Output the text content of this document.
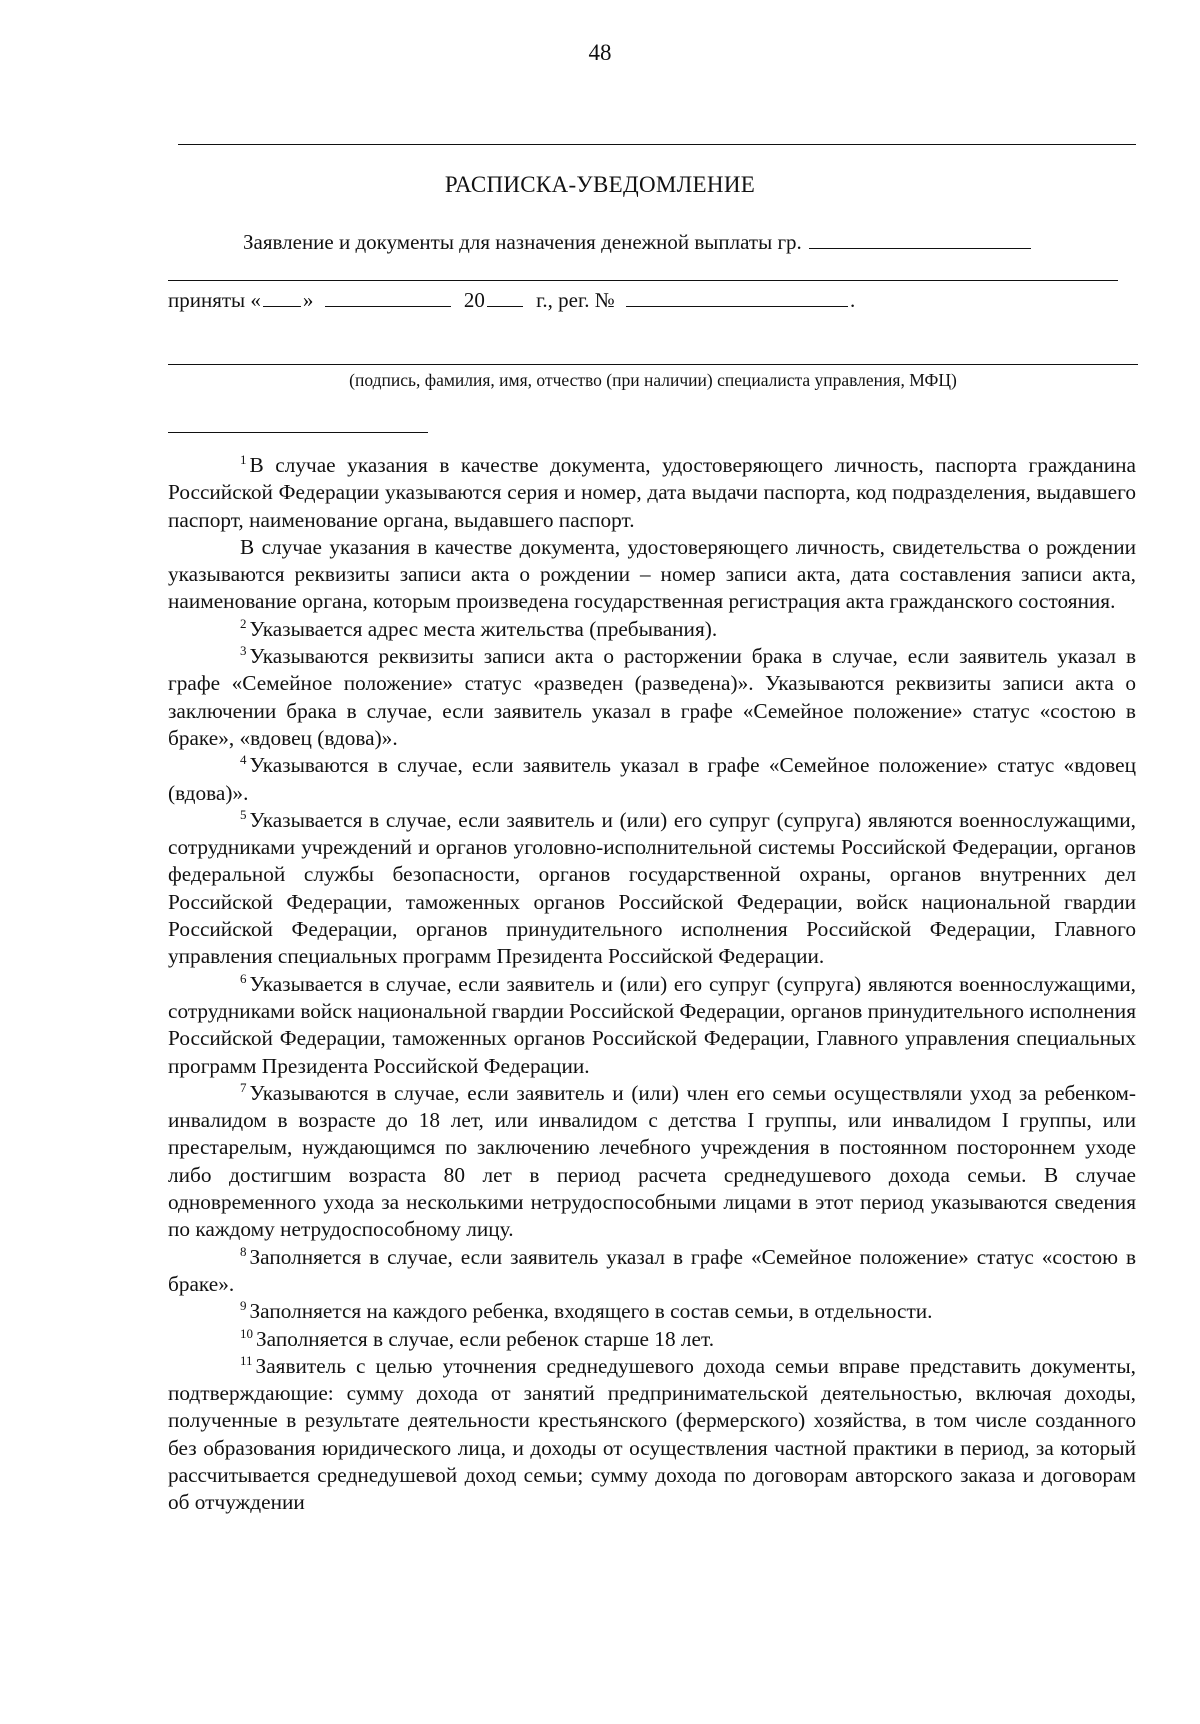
48
РАСПИСКА-УВЕДОМЛЕНИЕ
Заявление и документы для назначения денежной выплаты гр.
приняты « »	20 г., рег. №	.
(подпись, фамилия, имя, отчество (при наличии) специалиста управления, МФЦ)

$^1$ В случае указания в качестве документа, удостоверяющего личность, паспорта гражданина Российской Федерации указываются серия и номер, дата выдачи паспорта, код подразделения, выдавшего паспорт, наименование органа, выдавшего паспорт.

В случае указания в качестве документа, удостоверяющего личность, свидетельства о рождении указываются реквизиты записи акта о рождении – номер записи акта, дата составления записи акта, наименование органа, которым произведена государственная регистрация акта гражданского состояния.

$^2$ Указывается адрес места жительства (пребывания).

$^3$ Указываются реквизиты записи акта о расторжении брака в случае, если заявитель указал в графе «Семейное положение» статус «разведен (разведена)». Указываются реквизиты записи акта о заключении брака в случае, если заявитель указал в графе «Семейное положение» статус «состою в браке», «вдовец (вдова)».

$^4$ Указываются в случае, если заявитель указал в графе «Семейное положение» статус «вдовец (вдова)».

$^5$ Указывается в случае, если заявитель и (или) его супруг (супруга) являются военнослужащими, сотрудниками учреждений и органов уголовно-исполнительной системы Российской Федерации, органов федеральной службы безопасности, органов государственной охраны, органов внутренних дел Российской Федерации, таможенных органов Российской Федерации, войск национальной гвардии Российской Федерации, органов принудительного исполнения Российской Федерации, Главного управления специальных программ Президента Российской Федерации.

$^6$ Указывается в случае, если заявитель и (или) его супруг (супруга) являются военнослужащими, сотрудниками войск национальной гвардии Российской Федерации, органов принудительного исполнения Российской Федерации, таможенных органов Российской Федерации, Главного управления специальных программ Президента Российской Федерации.

$^7$ Указываются в случае, если заявитель и (или) член его семьи осуществляли уход за ребенком-инвалидом в возрасте до 18 лет, или инвалидом с детства I группы, или инвалидом I группы, или престарелым, нуждающимся по заключению лечебного учреждения в постоянном постороннем уходе либо достигшим возраста 80 лет в период расчета среднедушевого дохода семьи. В случае одновременного ухода за несколькими нетрудоспособными лицами в этот период указываются сведения по каждому нетрудоспособному лицу.

$^8$ Заполняется в случае, если заявитель указал в графе «Семейное положение» статус «состою в браке».

$^9$ Заполняется на каждого ребенка, входящего в состав семьи, в отдельности.

$^{10}$ Заполняется в случае, если ребенок старше 18 лет.

$^{11}$ Заявитель с целью уточнения среднедушевого дохода семьи вправе представить документы, подтверждающие: сумму дохода от занятий предпринимательской деятельностью, включая доходы, полученные в результате деятельности крестьянского (фермерского) хозяйства, в том числе созданного без образования юридического лица, и доходы от осуществления частной практики в период, за который рассчитывается среднедушевой доход семьи; сумму дохода по договорам авторского заказа и договорам об отчуждении
